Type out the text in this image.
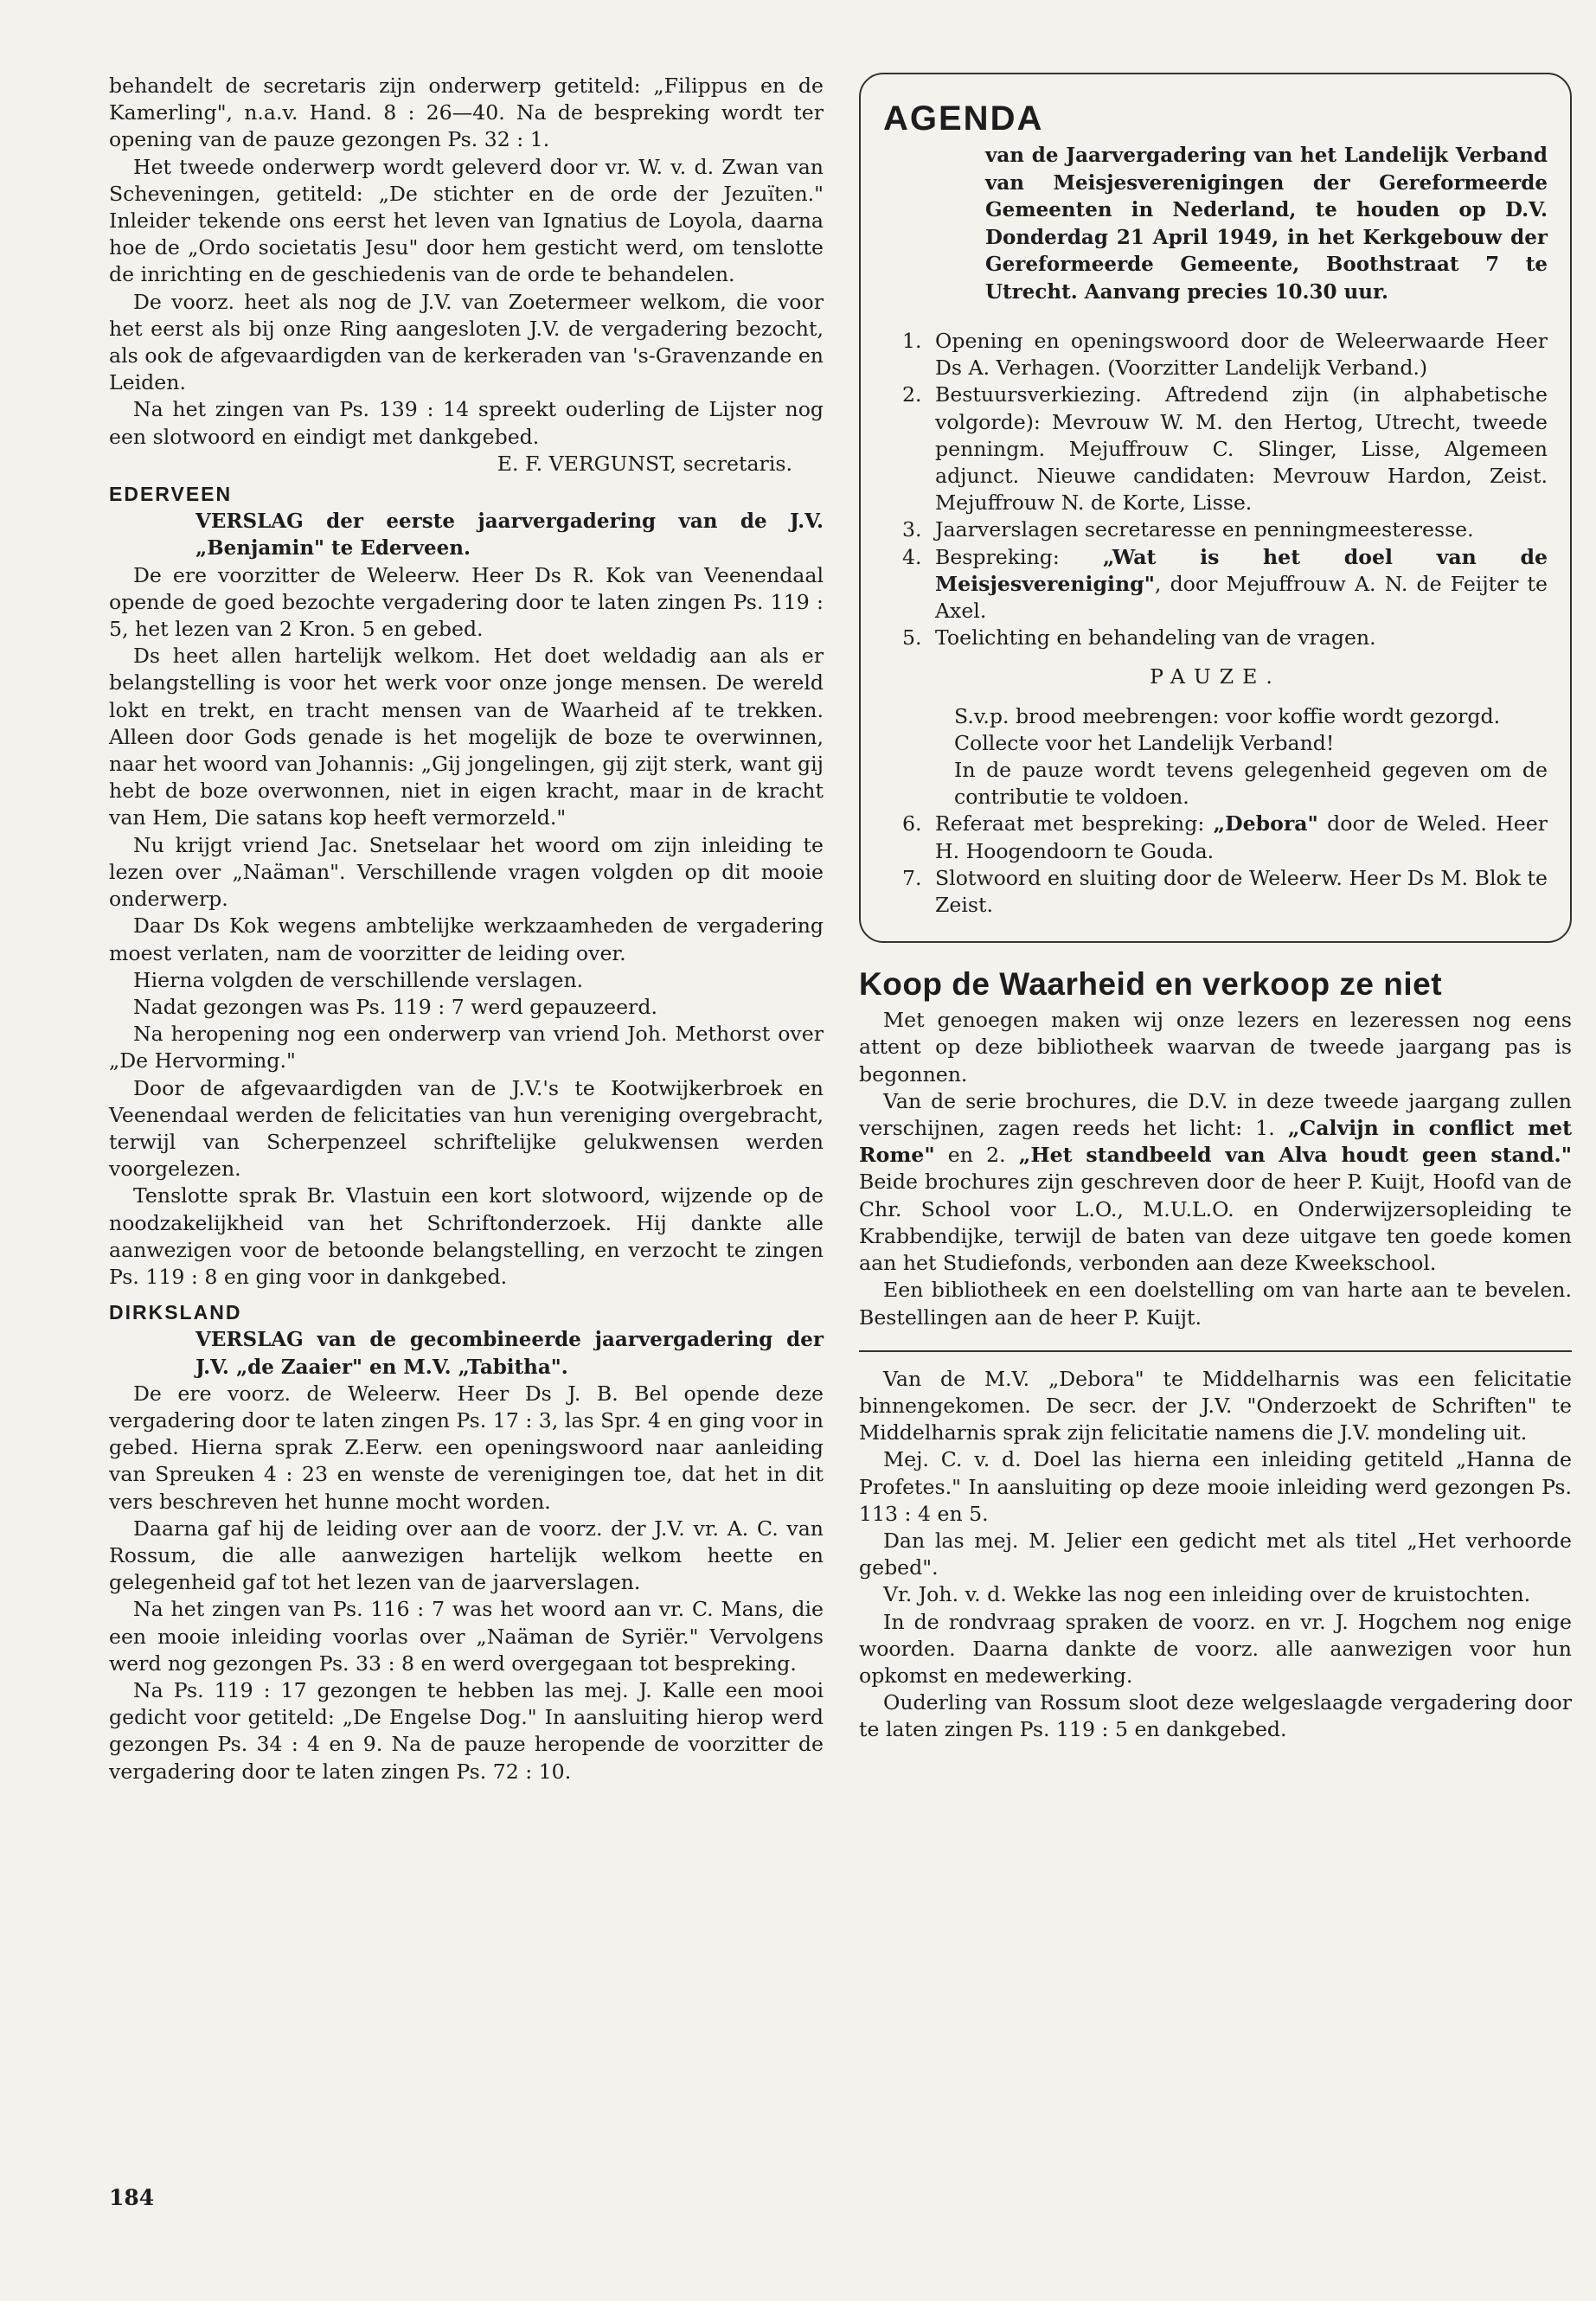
behandelt de secretaris zijn onderwerp getiteld: „Filippus en de Kamerling", n.a.v. Hand. 8 : 26—40. Na de bespreking wordt ter opening van de pauze gezongen Ps. 32 : 1.

Het tweede onderwerp wordt geleverd door vr. W. v. d. Zwan van Scheveningen, getiteld: „De stichter en de orde der Jezuïten." Inleider tekende ons eerst het leven van Ignatius de Loyola, daarna hoe de „Ordo societatis Jesu" door hem gesticht werd, om tenslotte de inrichting en de geschiedenis van de orde te behandelen.

De voorz. heet als nog de J.V. van Zoetermeer welkom, die voor het eerst als bij onze Ring aangesloten J.V. de vergadering bezocht, als ook de afgevaardigden van de kerkeraden van 's-Gravenzande en Leiden.

Na het zingen van Ps. 139 : 14 spreekt ouderling de Lijster nog een slotwoord en eindigt met dankgebed.

E. F. VERGUNST, secretaris.

EDERVEEN

VERSLAG der eerste jaarvergadering van de J.V. „Benjamin" te Ederveen.

De ere voorzitter de Weleerw. Heer Ds R. Kok van Veenendaal opende de goed bezochte vergadering door te laten zingen Ps. 119 : 5, het lezen van 2 Kron. 5 en gebed.

Ds heet allen hartelijk welkom. Het doet weldadig aan als er belangstelling is voor het werk voor onze jonge mensen. De wereld lokt en trekt, en tracht mensen van de Waarheid af te trekken. Alleen door Gods genade is het mogelijk de boze te overwinnen, naar het woord van Johannis: „Gij jongelingen, gij zijt sterk, want gij hebt de boze overwonnen, niet in eigen kracht, maar in de kracht van Hem, Die satans kop heeft vermorzeld."

Nu krijgt vriend Jac. Snetselaar het woord om zijn inleiding te lezen over „Naäman". Verschillende vragen volgden op dit mooie onderwerp.

Daar Ds Kok wegens ambtelijke werkzaamheden de vergadering moest verlaten, nam de voorzitter de leiding over.

Hierna volgden de verschillende verslagen.

Nadat gezongen was Ps. 119 : 7 werd gepauzeerd.

Na heropening nog een onderwerp van vriend Joh. Methorst over „De Hervorming."

Door de afgevaardigden van de J.V.'s te Kootwijkerbroek en Veenendaal werden de felicitaties van hun vereniging overgebracht, terwijl van Scherpenzeel schriftelijke gelukwensen werden voorgelezen.

Tenslotte sprak Br. Vlastuin een kort slotwoord, wijzende op de noodzakelijkheid van het Schriftonderzoek. Hij dankte alle aanwezigen voor de betoonde belangstelling, en verzocht te zingen Ps. 119 : 8 en ging voor in dankgebed.

DIRKSLAND

VERSLAG van de gecombineerde jaarvergadering der J.V. „de Zaaier" en M.V. „Tabitha".

De ere voorz. de Weleerw. Heer Ds J. B. Bel opende deze vergadering door te laten zingen Ps. 17 : 3, las Spr. 4 en ging voor in gebed. Hierna sprak Z.Eerw. een openingswoord naar aanleiding van Spreuken 4 : 23 en wenste de verenigingen toe, dat het in dit vers beschreven het hunne mocht worden.

Daarna gaf hij de leiding over aan de voorz. der J.V. vr. A. C. van Rossum, die alle aanwezigen hartelijk welkom heette en gelegenheid gaf tot het lezen van de jaarverslagen.

Na het zingen van Ps. 116 : 7 was het woord aan vr. C. Mans, die een mooie inleiding voorlas over „Naäman de Syriër." Vervolgens werd nog gezongen Ps. 33 : 8 en werd overgegaan tot bespreking.

Na Ps. 119 : 17 gezongen te hebben las mej. J. Kalle een mooi gedicht voor getiteld: „De Engelse Dog." In aansluiting hierop werd gezongen Ps. 34 : 4 en 9. Na de pauze heropende de voorzitter de vergadering door te laten zingen Ps. 72 : 10.

AGENDA
van de Jaarvergadering van het Landelijk Verband van Meisjesverenigingen der Gereformeerde Gemeenten in Nederland, te houden op D.V. Donderdag 21 April 1949, in het Kerkgebouw der Gereformeerde Gemeente, Boothstraat 7 te Utrecht. Aanvang precies 10.30 uur.
1. Opening en openingswoord door de Weleerwaarde Heer Ds A. Verhagen. (Voorzitter Landelijk Verband.)
2. Bestuursverkiezing. Aftredend zijn (in alphabetische volgorde): Mevrouw W. M. den Hertog, Utrecht, tweede penningm. Mejuffrouw C. Slinger, Lisse, Algemeen adjunct. Nieuwe candidaten: Mevrouw Hardon, Zeist. Mejuffrouw N. de Korte, Lisse.
3. Jaarverslagen secretaresse en penningmeesteresse.
4. Bespreking: „Wat is het doel van de Meisjesvereniging", door Mejuffrouw A. N. de Feijter te Axel.
5. Toelichting en behandeling van de vragen.
PAUZE.
S.v.p. brood meebrengen: voor koffie wordt gezorgd.
Collecte voor het Landelijk Verband!
In de pauze wordt tevens gelegenheid gegeven om de contributie te voldoen.
6. Referaat met bespreking: „Debora" door de Weled. Heer H. Hoogendoorn te Gouda.
7. Slotwoord en sluiting door de Weleerw. Heer Ds M. Blok te Zeist.
Koop de Waarheid en verkoop ze niet

Met genoegen maken wij onze lezers en lezeressen nog eens attent op deze bibliotheek waarvan de tweede jaargang pas is begonnen.

Van de serie brochures, die D.V. in deze tweede jaargang zullen verschijnen, zagen reeds het licht: 1. „Calvijn in conflict met Rome" en 2. „Het standbeeld van Alva houdt geen stand." Beide brochures zijn geschreven door de heer P. Kuijt, Hoofd van de Chr. School voor L.O., M.U.L.O. en Onderwijzersopleiding te Krabbendijke, terwijl de baten van deze uitgave ten goede komen aan het Studiefonds, verbonden aan deze Kweekschool.

Een bibliotheek en een doelstelling om van harte aan te bevelen. Bestellingen aan de heer P. Kuijt.

Van de M.V. „Debora" te Middelharnis was een felicitatie binnengekomen. De secr. der J.V. "Onderzoekt de Schriften" te Middelharnis sprak zijn felicitatie namens die J.V. mondeling uit.

Mej. C. v. d. Doel las hierna een inleiding getiteld „Hanna de Profetes." In aansluiting op deze mooie inleiding werd gezongen Ps. 113 : 4 en 5.

Dan las mej. M. Jelier een gedicht met als titel „Het verhoorde gebed".

Vr. Joh. v. d. Wekke las nog een inleiding over de kruistochten.

In de rondvraag spraken de voorz. en vr. J. Hogchem nog enige woorden. Daarna dankte de voorz. alle aanwezigen voor hun opkomst en medewerking.

Ouderling van Rossum sloot deze welgeslaagde vergadering door te laten zingen Ps. 119 : 5 en dankgebed.

184
